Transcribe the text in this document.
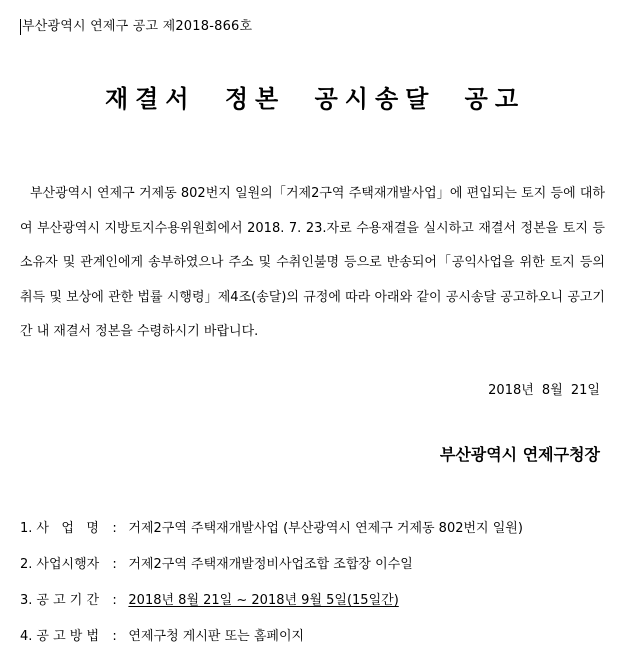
부산광역시 연제구 공고 제2018-866호
재결서 정본 공시송달 공고

부산광역시 연제구 거제동 802번지 일원의「거제2구역 주택재개발사업」에 편입되는 토지 등에 대하여 부산광역시 지방토지수용위원회에서 2018. 7. 23.자로 수용재결을 실시하고 재결서 정본을 토지 등 소유자 및 관계인에게 송부하였으나 주소 및 수취인불명 등으로 반송되어「공익사업을 위한 토지 등의 취득 및 보상에 관한 법률 시행령」제4조(송달)의 규정에 따라 아래와 같이 공시송달 공고하오니 공고기간 내 재결서 정본을 수령하시기 바랍니다.

2018년 8월 21일
부산광역시 연제구청장
1. 사   업   명 : 거제2구역 주택재개발사업 (부산광역시 연제구 거제동 802번지 일원)
2. 사업시행자 : 거제2구역 주택재개발정비사업조합 조합장 이수일
3. 공 고 기 간 : 2018년 8월 21일 ~ 2018년 9월 5일(15일간)
4. 공 고 방 법 : 연제구청 게시판 또는 홈페이지
